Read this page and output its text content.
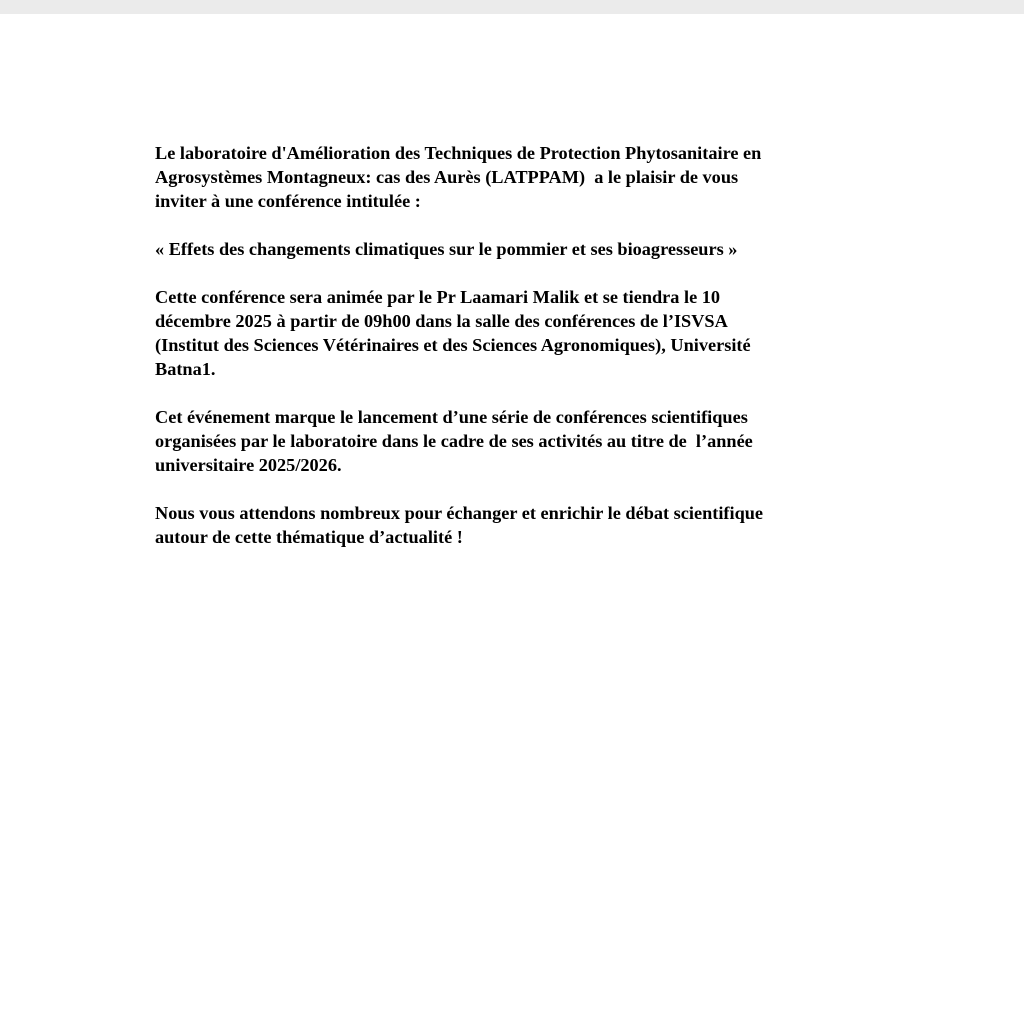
Le laboratoire d'Amélioration des Techniques de Protection Phytosanitaire en
Agrosystèmes Montagneux: cas des Aurès (LATPPAM)  a le plaisir de vous
inviter à une conférence intitulée :

« Effets des changements climatiques sur le pommier et ses bioagresseurs »

Cette conférence sera animée par le Pr Laamari Malik et se tiendra le 10
décembre 2025 à partir de 09h00 dans la salle des conférences de l’ISVSA
(Institut des Sciences Vétérinaires et des Sciences Agronomiques), Université
Batna1.

Cet événement marque le lancement d’une série de conférences scientifiques
organisées par le laboratoire dans le cadre de ses activités au titre de  l’année
universitaire 2025/2026.

Nous vous attendons nombreux pour échanger et enrichir le débat scientifique
autour de cette thématique d’actualité !
